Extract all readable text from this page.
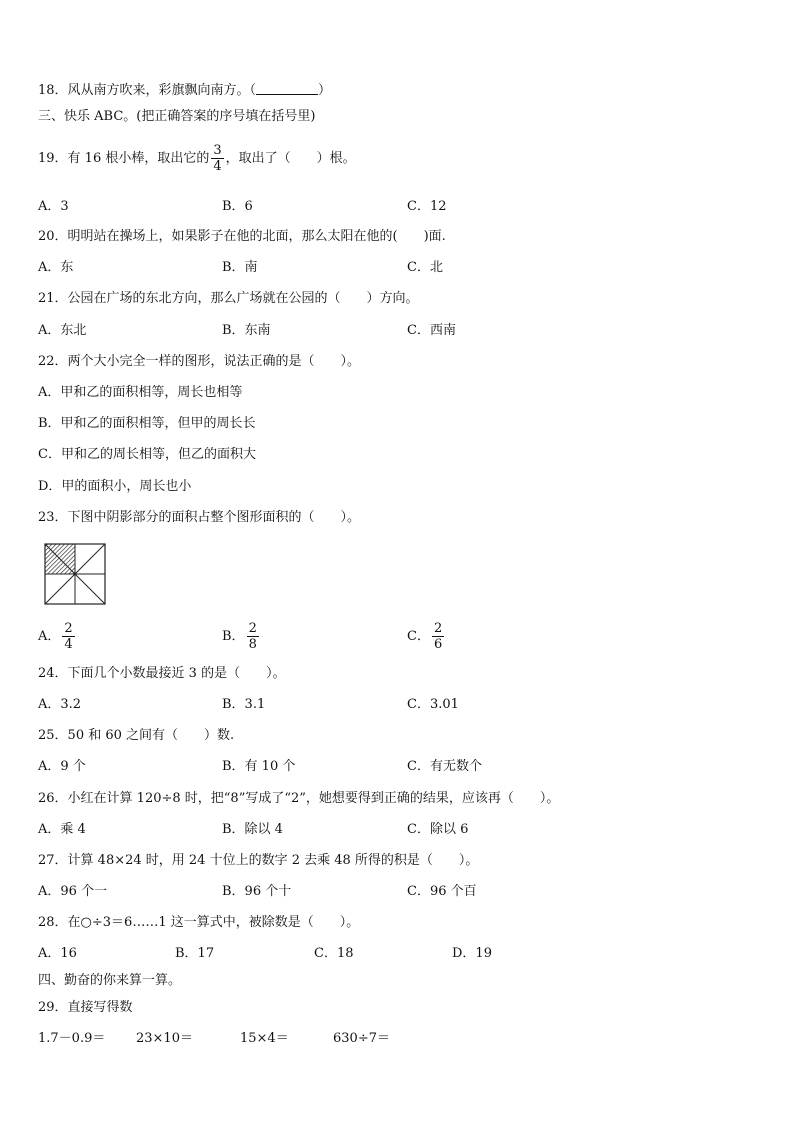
18．风从南方吹来，彩旗飘向南方。（	）
三、快乐 ABC。(把正确答案的序号填在括号里)
19．有 16 根小棒，取出它的 $\frac{3}{4}$ ，取出了（　　）根。
A．3	B．6	C．12
20．明明站在操场上，如果影子在他的北面，那么太阳在他的(　　)面.
A．东	B．南	C．北
21．公园在广场的东北方向，那么广场就在公园的（　　）方向。
A．东北	B．东南	C．西南
22．两个大小完全一样的图形，说法正确的是（　　）。
A．甲和乙的面积相等，周长也相等
B．甲和乙的面积相等，但甲的周长长
C．甲和乙的周长相等，但乙的面积大
D．甲的面积小，周长也小
23．下图中阴影部分的面积占整个图形面积的（　　）。
A． $\frac{2}{4}$	B． $\frac{2}{8}$	C． $\frac{2}{6}$
24．下面几个小数最接近 3 的是（　　）。
A．3.2	B．3.1	C．3.01
25．50 和 60 之间有（　　）数.
A．9 个	B．有 10 个	C．有无数个
26．小红在计算 120÷8 时，把“8”写成了“2”，她想要得到正确的结果，应该再（　　）。
A．乘 4	B．除以 4	C．除以 6
27．计算 48×24 时，用 24 十位上的数字 2 去乘 48 所得的积是（　　）。
A．96 个一	B．96 个十	C．96 个百
28．在○÷3＝6……1 这一算式中，被除数是（　　）。
A．16	B．17	C．18	D．19
四、勤奋的你来算一算。
29．直接写得数
1.7－0.9＝ 23×10＝	15×4＝	630÷7＝
